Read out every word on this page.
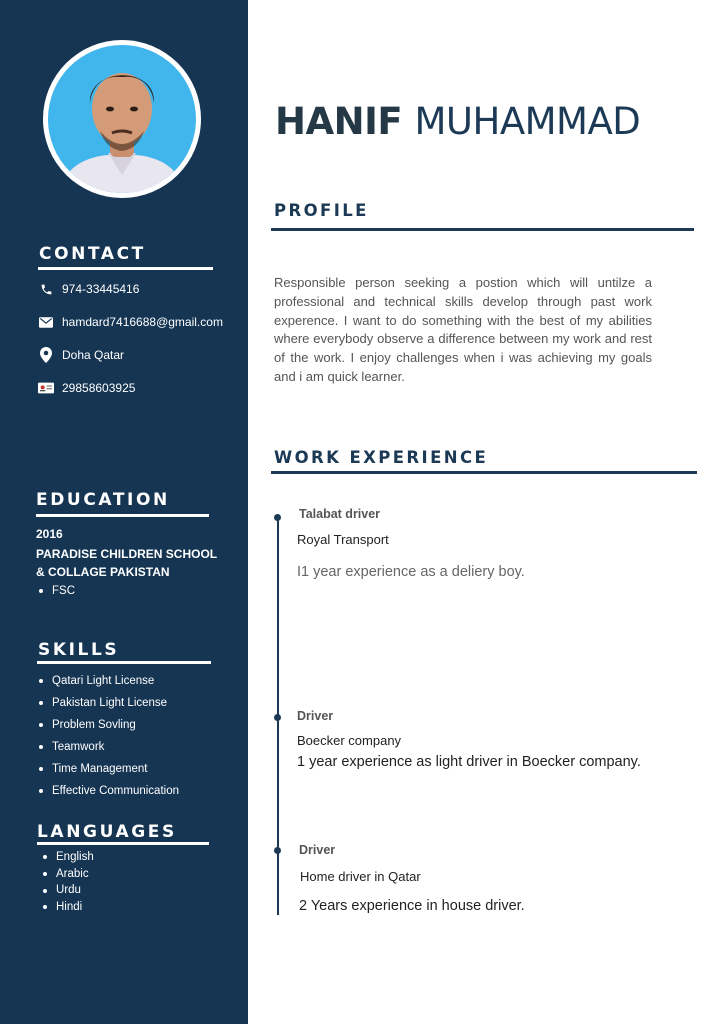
CONTACT
974-33445416
hamdard7416688@gmail.com
Doha Qatar
29858603925
EDUCATION
2016
PARADISE CHILDREN SCHOOL
& COLLAGE PAKISTAN
FSC
SKILLS
Qatari Light License
Pakistan Light License
Problem Sovling
Teamwork
Time Management
Effective Communication
LANGUAGES
English
Arabic
Urdu
Hindi
HANIF MUHAMMAD
PROFILE

Responsible person seeking a postion which will untilze a professional and technical skills develop through past work experence. I want to do something with the best of my abilities where everybody observe a difference between my work and rest of the work. I enjoy challenges when i was achieving my goals and i am quick learner.

WORK EXPERIENCE
Talabat driver
Royal Transport
I1 year experience as a deliery boy.
Driver
Boecker company
1 year experience as light driver in Boecker company.
Driver
Home driver in Qatar
2 Years experience in house driver.
